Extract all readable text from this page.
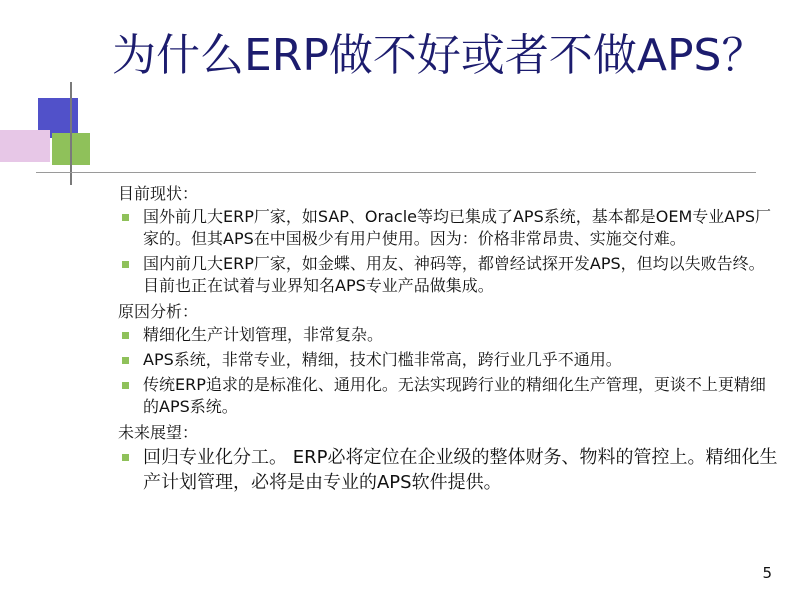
为什么ERP做不好或者不做APS？
目前现状：
国外前几大ERP厂家，如SAP、Oracle等均已集成了APS系统，基本都是OEM专业APS厂家的。但其APS在中国极少有用户使用。因为：价格非常昂贵、实施交付难。
国内前几大ERP厂家，如金蝶、用友、神码等，都曾经试探开发APS，但均以失败告终。目前也正在试着与业界知名APS专业产品做集成。
原因分析：
精细化生产计划管理，非常复杂。
APS系统，非常专业，精细，技术门槛非常高，跨行业几乎不通用。
传统ERP追求的是标准化、通用化。无法实现跨行业的精细化生产管理，更谈不上更精细的APS系统。
未来展望：
回归专业化分工。 ERP必将定位在企业级的整体财务、物料的管控上。精细化生产计划管理，必将是由专业的APS软件提供。
5
